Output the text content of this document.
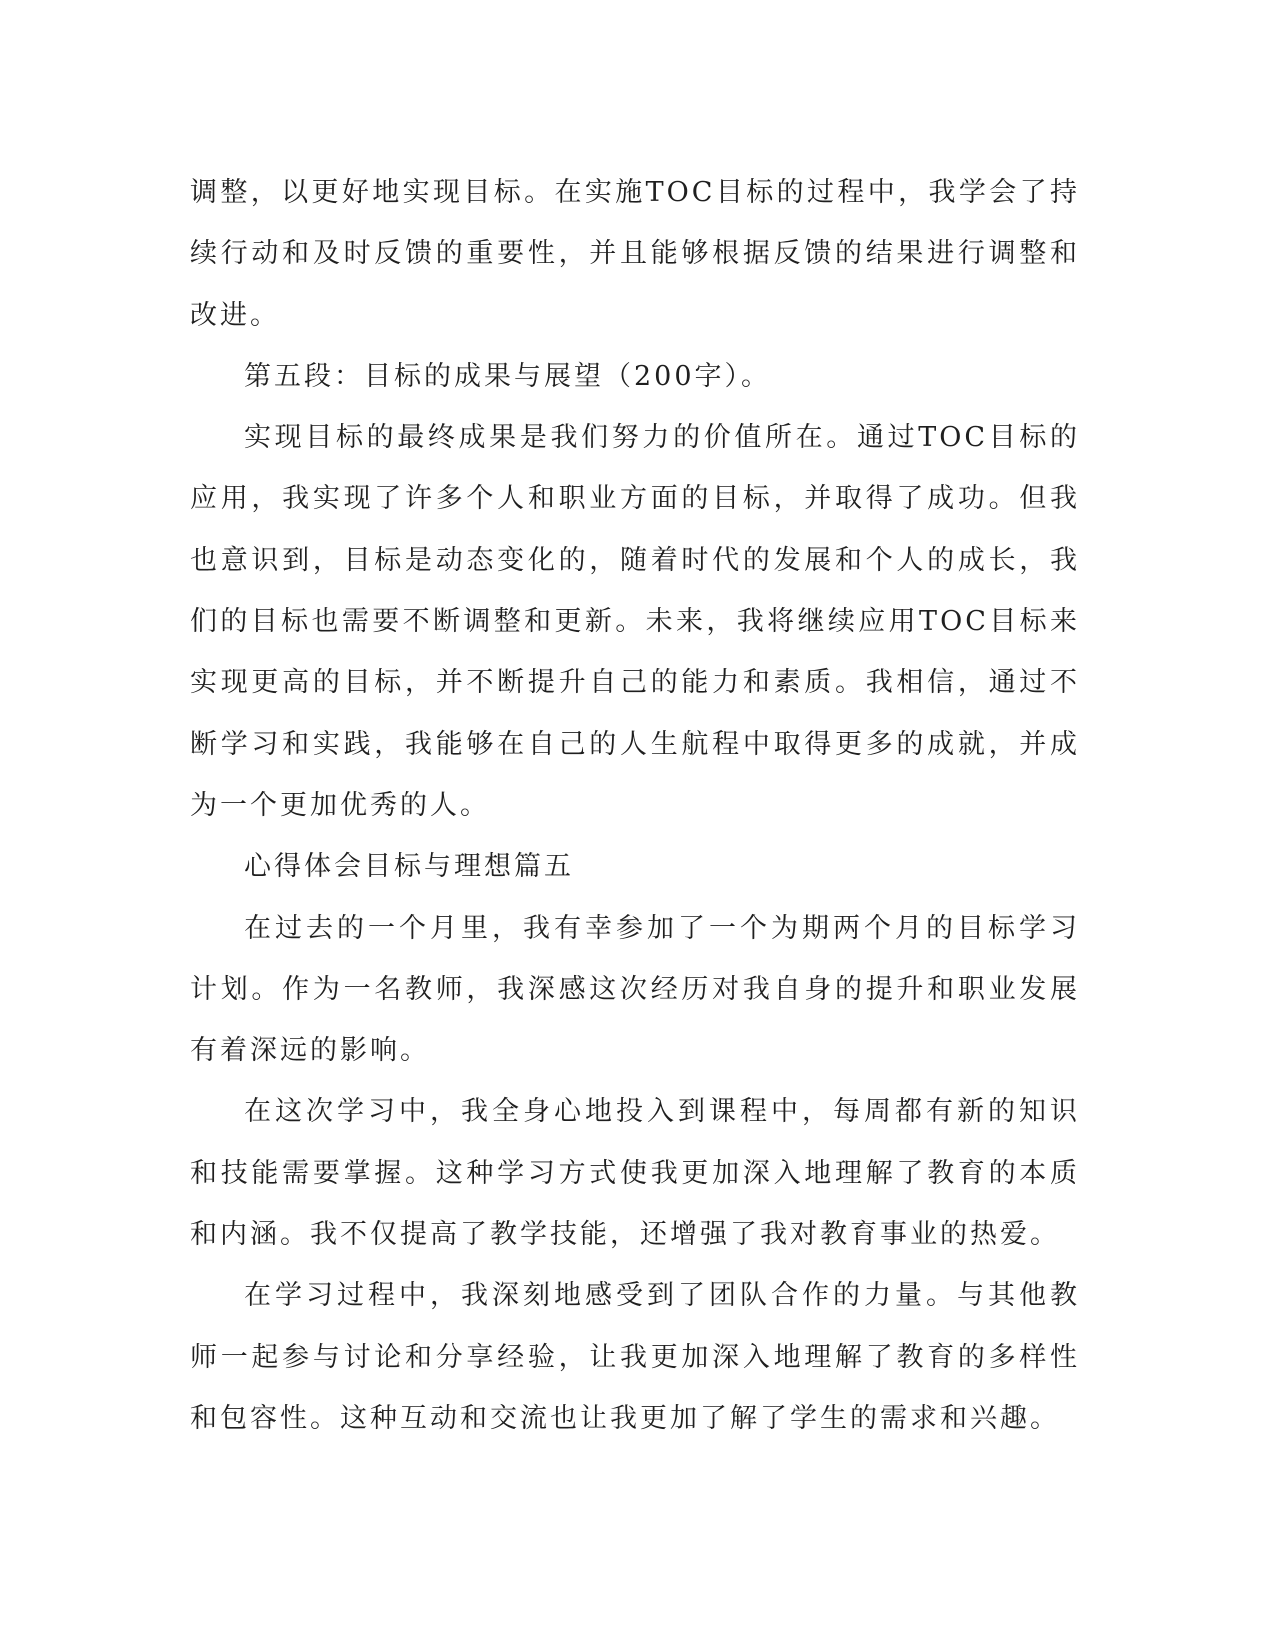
调整，以更好地实现目标。在实施TOC目标的过程中，我学会了持续行动和及时反馈的重要性，并且能够根据反馈的结果进行调整和改进。

第五段：目标的成果与展望（200字）。

实现目标的最终成果是我们努力的价值所在。通过TOC目标的应用，我实现了许多个人和职业方面的目标，并取得了成功。但我也意识到，目标是动态变化的，随着时代的发展和个人的成长，我们的目标也需要不断调整和更新。未来，我将继续应用TOC目标来实现更高的目标，并不断提升自己的能力和素质。我相信，通过不断学习和实践，我能够在自己的人生航程中取得更多的成就，并成为一个更加优秀的人。

心得体会目标与理想篇五

在过去的一个月里，我有幸参加了一个为期两个月的目标学习计划。作为一名教师，我深感这次经历对我自身的提升和职业发展有着深远的影响。

在这次学习中，我全身心地投入到课程中，每周都有新的知识和技能需要掌握。这种学习方式使我更加深入地理解了教育的本质和内涵。我不仅提高了教学技能，还增强了我对教育事业的热爱。

在学习过程中，我深刻地感受到了团队合作的力量。与其他教师一起参与讨论和分享经验，让我更加深入地理解了教育的多样性和包容性。这种互动和交流也让我更加了解了学生的需求和兴趣。
